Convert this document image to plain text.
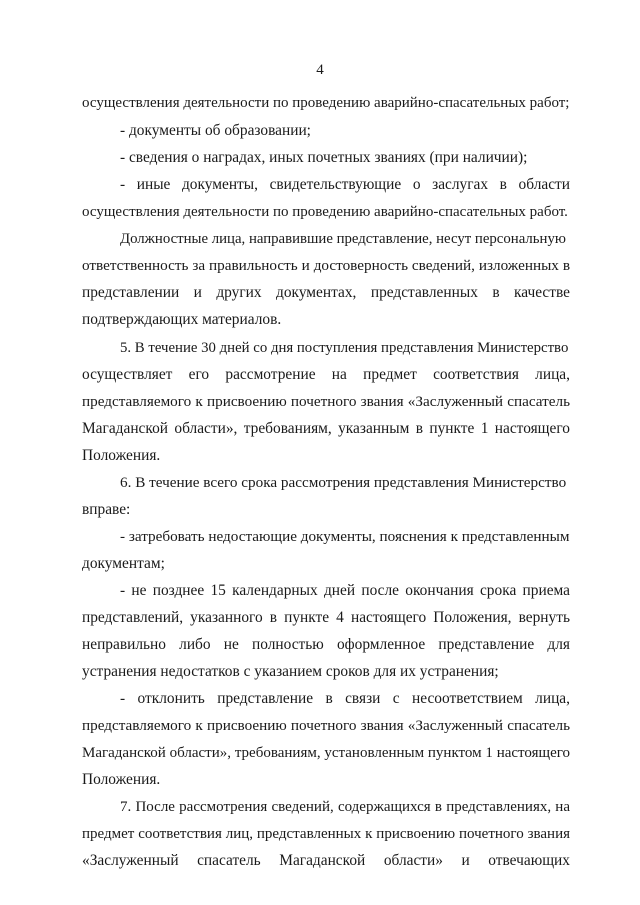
4
осуществления деятельности по проведению аварийно-спасательных работ;
- документы об образовании;
- сведения о наградах, иных почетных званиях (при наличии);
- иные документы, свидетельствующие о заслугах в области
осуществления деятельности по проведению аварийно-спасательных работ.
Должностные лица, направившие представление, несут персональную
ответственность за правильность и достоверность сведений, изложенных в
представлении и других документах, представленных в качестве
подтверждающих материалов.
5. В течение 30 дней со дня поступления представления Министерство
осуществляет его рассмотрение на предмет соответствия лица,
представляемого к присвоению почетного звания «Заслуженный спасатель
Магаданской области», требованиям, указанным в пункте 1 настоящего
Положения.
6. В течение всего срока рассмотрения представления Министерство
вправе:
- затребовать недостающие документы, пояснения к представленным
документам;
- не позднее 15 календарных дней после окончания срока приема
представлений, указанного в пункте 4 настоящего Положения, вернуть
неправильно либо не полностью оформленное представление для
устранения недостатков с указанием сроков для их устранения;
- отклонить представление в связи с несоответствием лица,
представляемого к присвоению почетного звания «Заслуженный спасатель
Магаданской области», требованиям, установленным пунктом 1 настоящего
Положения.
7. После рассмотрения сведений, содержащихся в представлениях, на
предмет соответствия лиц, представленных к присвоению почетного звания
«Заслуженный спасатель Магаданской области» и отвечающих
